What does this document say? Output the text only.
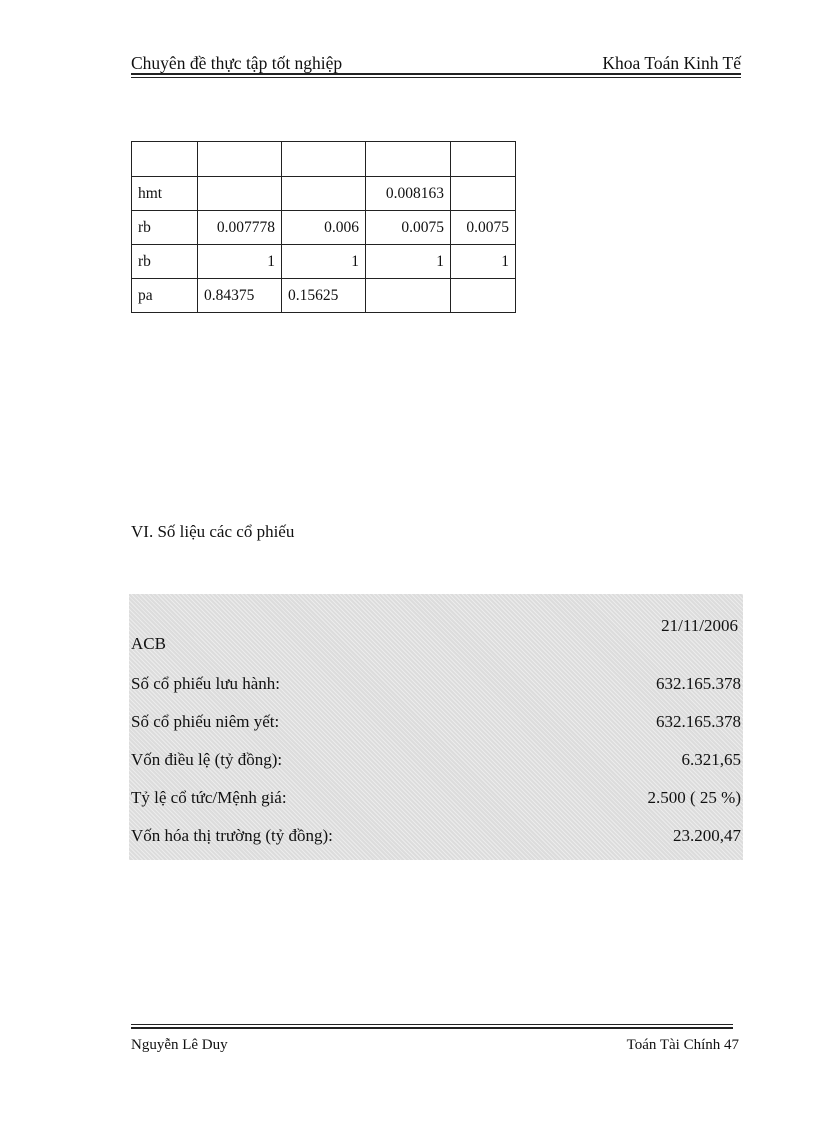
Chuyên đề thực tập tốt nghiệp	Khoa Toán Kinh Tế

hmt			0.008163	
rb	0.007778	0.006	0.0075	0.0075
rb	1	1	1	1
pa	0.84375	0.15625		
VI. Số liệu các cổ phiếu
21/11/2006
ACB
Số cổ phiếu lưu hành:	632.165.378
Số cổ phiếu niêm yết:	632.165.378
Vốn điều lệ (tỷ đồng):	6.321,65
Tỷ lệ cổ tức/Mệnh giá:	2.500 ( 25 %)
Vốn hóa thị trường (tỷ đồng):	23.200,47
Nguyễn Lê Duy	Toán Tài Chính 47
